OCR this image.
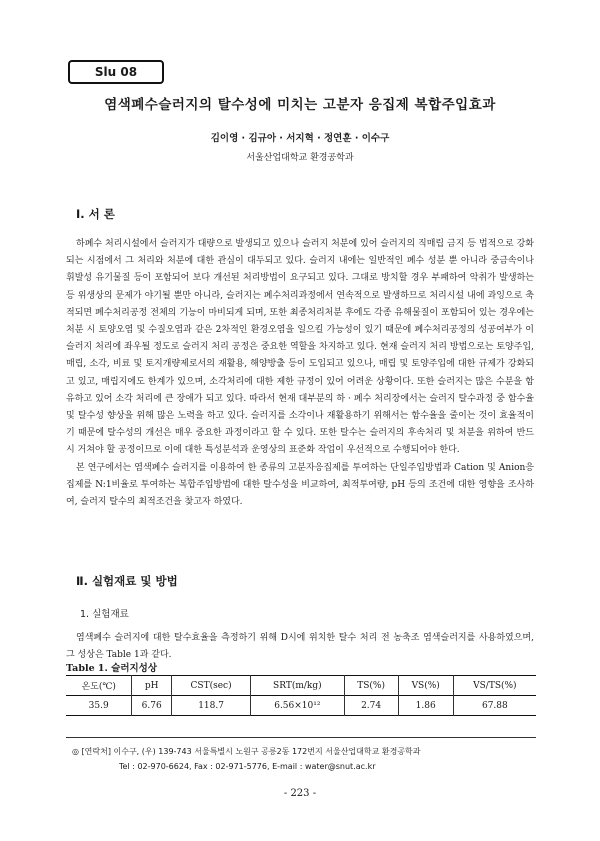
Slu 08
염색폐수슬러지의 탈수성에 미치는 고분자 응집제 복합주입효과
김이영 · 김규아 · 서지혁 · 정연훈 · 이수구
서울산업대학교 환경공학과
Ⅰ. 서 론

하폐수 처리시설에서 슬러지가 대량으로 발생되고 있으나 슬러지 처분에 있어 슬러지의 직매립 금지 등 법적으로 강화되는 시점에서 그 처리와 처분에 대한 관심이 대두되고 있다. 슬러지 내에는 일반적인 폐수 성분 뿐 아니라 중금속이나 휘발성 유기물질 등이 포함되어 보다 개선된 처리방법이 요구되고 있다. 그대로 방치할 경우 부패하여 악취가 발생하는 등 위생상의 문제가 야기될 뿐만 아니라, 슬러지는 폐수처리과정에서 연속적으로 발생하므로 처리시설 내에 과잉으로 축적되면 폐수처리공정 전체의 기능이 마비되게 되며, 또한 최종처리처분 후에도 각종 유해물질이 포함되어 있는 경우에는 처분 시 토양오염 및 수질오염과 같은 2차적인 환경오염을 일으킬 가능성이 있기 때문에 폐수처리공정의 성공여부가 이 슬러지 처리에 좌우될 정도로 슬러지 처리 공정은 중요한 역할을 차지하고 있다. 현재 슬러지 처리 방법으로는 토양주입, 매립, 소각, 비료 및 토지개량제로서의 재활용, 해양방출 등이 도입되고 있으나, 매립 및 토양주입에 대한 규제가 강화되고 있고, 매립지에도 한계가 있으며, 소각처리에 대한 제한 규정이 있어 어려운 상황이다. 또한 슬러지는 많은 수분을 함유하고 있어 소각 처리에 큰 장애가 되고 있다. 따라서 현재 대부분의 하 · 폐수 처리장에서는 슬러지 탈수과정 중 함수율 및 탈수성 향상을 위해 많은 노력을 하고 있다. 슬러지를 소각이나 재활용하기 위해서는 함수율을 줄이는 것이 효율적이기 때문에 탈수성의 개선은 매우 중요한 과정이라고 할 수 있다. 또한 탈수는 슬러지의 후속처리 및 처분을 위하여 반드시 거쳐야 할 공정이므로 이에 대한 특성분석과 운영상의 표준화 작업이 우선적으로 수행되어야 한다.

본 연구에서는 염색폐수 슬러지를 이용하여 한 종류의 고분자응집제를 투여하는 단일주입방법과 Cation 및 Anion응집제를 N:1비율로 투여하는 복합주입방법에 대한 탈수성을 비교하여, 최적투여량, pH 등의 조건에 대한 영향을 조사하여, 슬러지 탈수의 최적조건을 찾고자 하였다.

Ⅱ. 실험재료 및 방법
1. 실험재료

염색폐수 슬러지에 대한 탈수효율을 측정하기 위해 D시에 위치한 탈수 처리 전 농축조 염색슬러지를 사용하였으며, 그 성상은 Table 1과 같다.

Table 1. 슬러지성상
온도(℃)	pH	CST(sec)	SRT(m/kg)	TS(%)	VS(%)	VS/TS(%)
35.9	6.76	118.7	6.56×10¹²	2.74	1.86	67.88
◎ [연락처] 이수구, (우) 139-743 서울특별시 노원구 공릉2동 172번지 서울산업대학교 환경공학과
Tel : 02-970-6624, Fax : 02-971-5776, E-mail : water@snut.ac.kr
- 223 -
